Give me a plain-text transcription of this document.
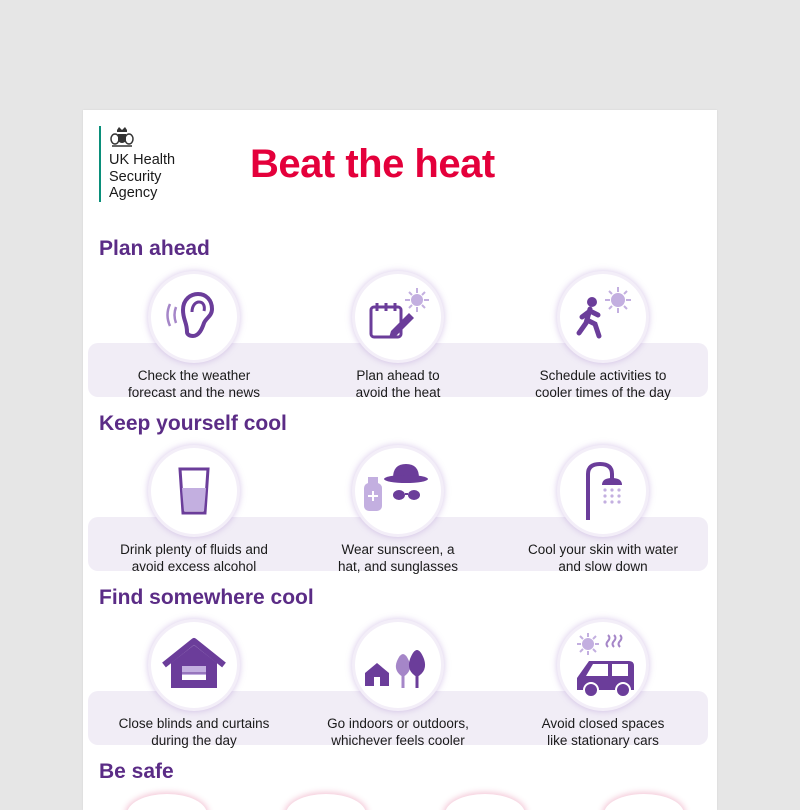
UK Health
Security
Agency
Beat the heat
Plan ahead
Check the weather
forecast and the news
Plan ahead to
avoid the heat
Schedule activities to
cooler times of the day
Keep yourself cool
Drink plenty of fluids and
avoid excess alcohol
Wear sunscreen, a
hat, and sunglasses
Cool your skin with water
and slow down
Find somewhere cool
Close blinds and curtains
during the day
Go indoors or outdoors,
whichever feels cooler
Avoid closed spaces
like stationary cars
Be safe
